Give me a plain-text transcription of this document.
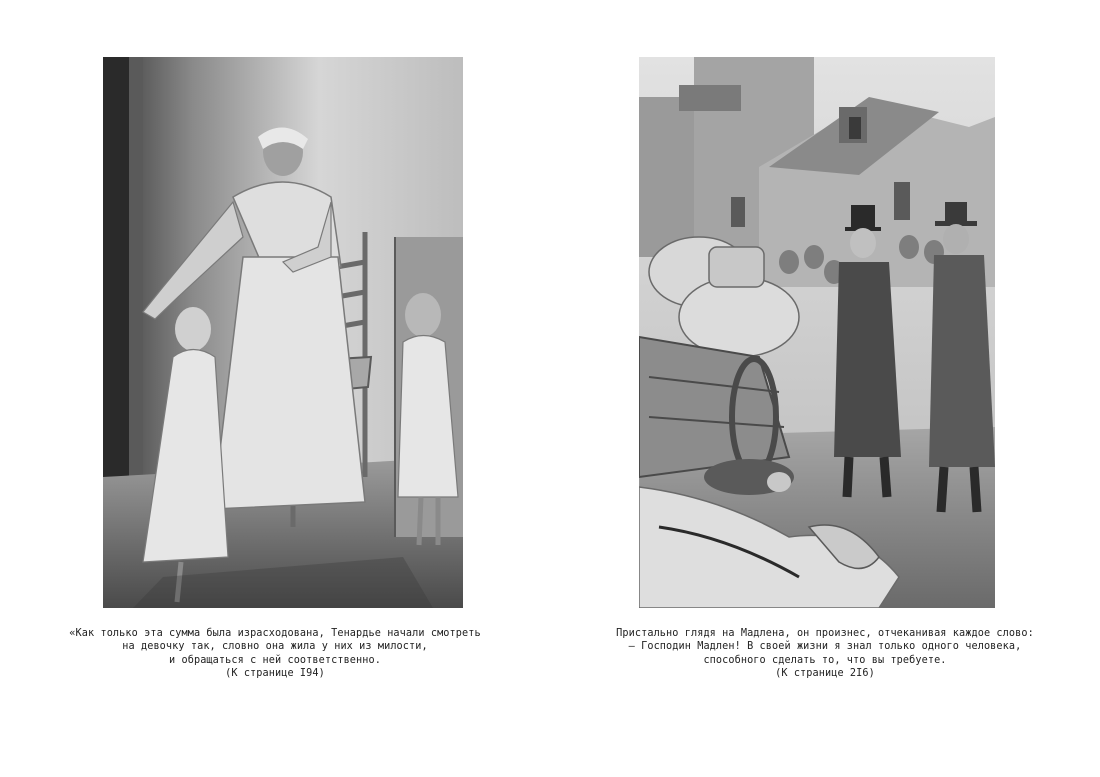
«Как только эта сумма была израсходована, Тенардье начали смотреть
на девочку так, словно она жила у них из милости,
и обращаться с ней соответственно.
(К странице I94)
Пристально глядя на Мадлена, он произнес, отчеканивая каждое слово:
— Господин Мадлен! В своей жизни я знал только одного человека,
способного сделать то, что вы требуете.
(К странице 2I6)
